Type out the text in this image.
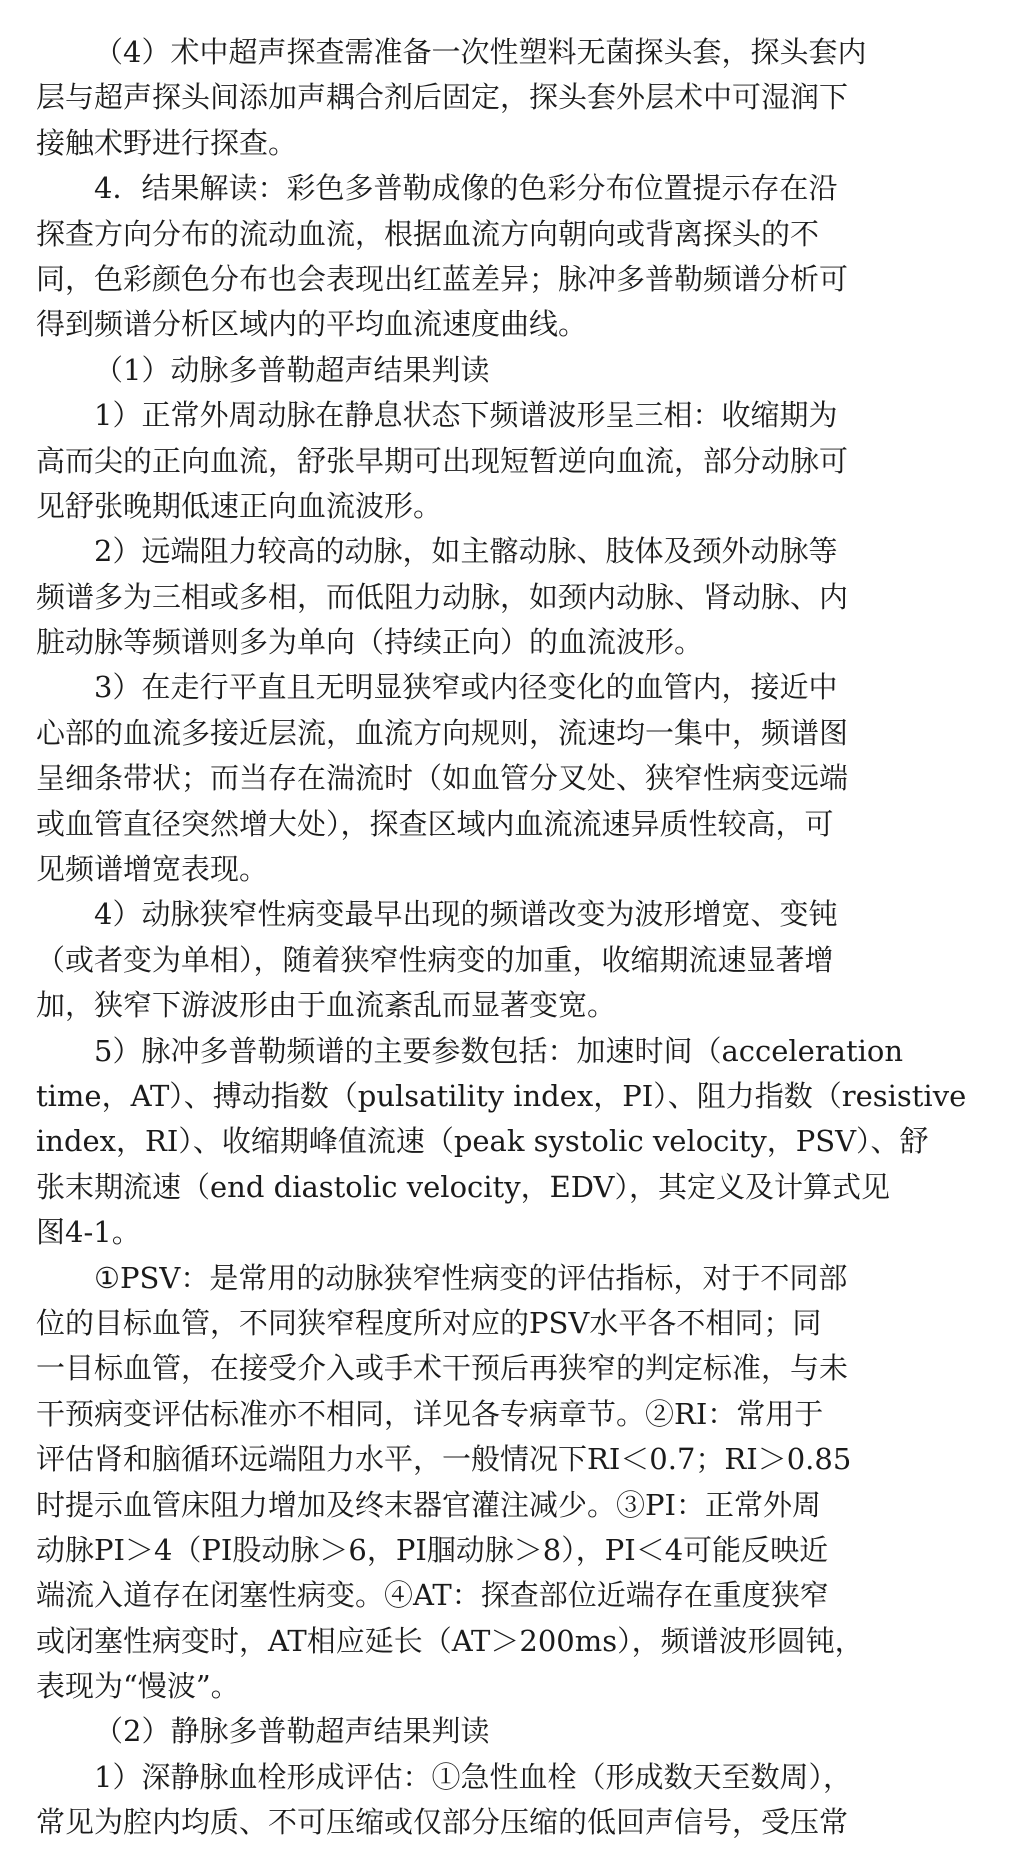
（4）术中超声探查需准备一次性塑料无菌探头套，探头套内
层与超声探头间添加声耦合剂后固定，探头套外层术中可湿润下
接触术野进行探查。
4．结果解读：彩色多普勒成像的色彩分布位置提示存在沿
探查方向分布的流动血流，根据血流方向朝向或背离探头的不
同，色彩颜色分布也会表现出红蓝差异；脉冲多普勒频谱分析可
得到频谱分析区域内的平均血流速度曲线。
（1）动脉多普勒超声结果判读
1）正常外周动脉在静息状态下频谱波形呈三相：收缩期为
高而尖的正向血流，舒张早期可出现短暂逆向血流，部分动脉可
见舒张晚期低速正向血流波形。
2）远端阻力较高的动脉，如主髂动脉、肢体及颈外动脉等
频谱多为三相或多相，而低阻力动脉，如颈内动脉、肾动脉、内
脏动脉等频谱则多为单向（持续正向）的血流波形。
3）在走行平直且无明显狭窄或内径变化的血管内，接近中
心部的血流多接近层流，血流方向规则，流速均一集中，频谱图
呈细条带状；而当存在湍流时（如血管分叉处、狭窄性病变远端
或血管直径突然增大处），探查区域内血流流速异质性较高，可
见频谱增宽表现。
4）动脉狭窄性病变最早出现的频谱改变为波形增宽、变钝
（或者变为单相），随着狭窄性病变的加重，收缩期流速显著增
加，狭窄下游波形由于血流紊乱而显著变宽。
5）脉冲多普勒频谱的主要参数包括：加速时间（acceleration
time，AT）、搏动指数（pulsatility index，PI）、阻力指数（resistive
index，RI）、收缩期峰值流速（peak systolic velocity，PSV）、舒
张末期流速（end diastolic velocity，EDV），其定义及计算式见
图4-1。
①PSV：是常用的动脉狭窄性病变的评估指标，对于不同部
位的目标血管，不同狭窄程度所对应的PSV水平各不相同；同
一目标血管，在接受介入或手术干预后再狭窄的判定标准，与未
干预病变评估标准亦不相同，详见各专病章节。②RI：常用于
评估肾和脑循环远端阻力水平，一般情况下RI＜0.7；RI＞0.85
时提示血管床阻力增加及终末器官灌注减少。③PI：正常外周
动脉PI＞4（PI股动脉＞6，PI腘动脉＞8），PI＜4可能反映近
端流入道存在闭塞性病变。④AT：探查部位近端存在重度狭窄
或闭塞性病变时，AT相应延长（AT＞200ms），频谱波形圆钝，
表现为“慢波”。
（2）静脉多普勒超声结果判读
1）深静脉血栓形成评估：①急性血栓（形成数天至数周），
常见为腔内均质、不可压缩或仅部分压缩的低回声信号，受压常
